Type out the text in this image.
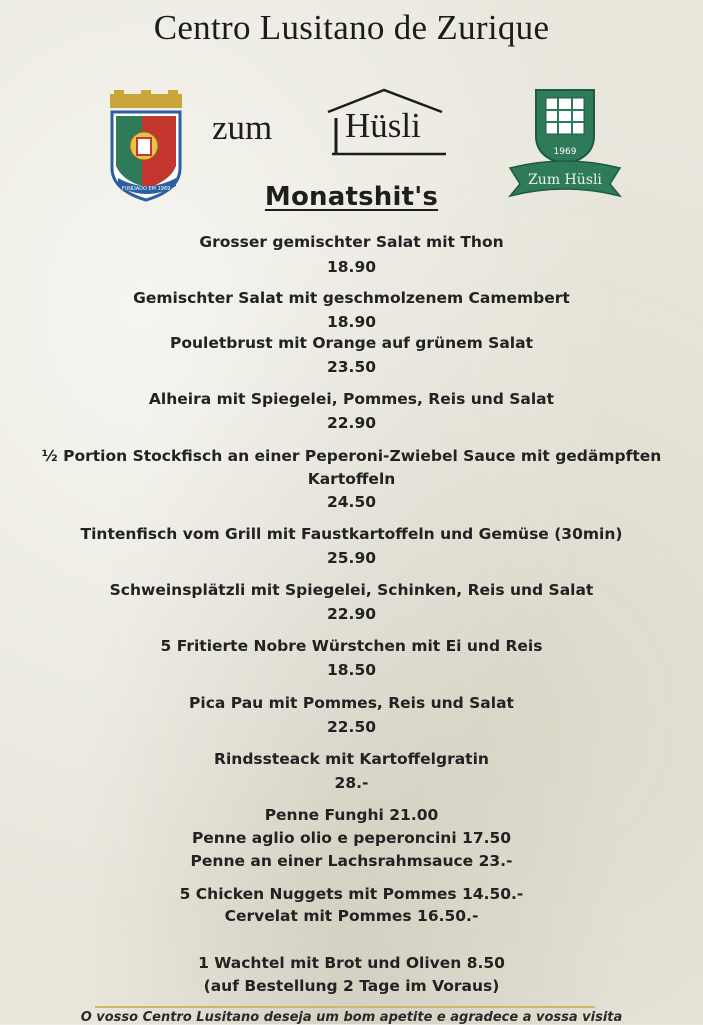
Centro Lusitano de Zurique
FUNDADO EM 1969
zum Hüsli
1969
Zum Hüsli
Monatshit's
Grosser gemischter Salat mit Thon
18.90
Gemischter Salat mit geschmolzenem Camembert
18.90
Pouletbrust mit Orange auf grünem Salat
23.50
Alheira mit Spiegelei, Pommes, Reis und Salat
22.90
½ Portion Stockfisch an einer Peperoni-Zwiebel Sauce mit gedämpften
Kartoffeln
24.50
Tintenfisch vom Grill mit Faustkartoffeln und Gemüse (30min)
25.90
Schweinsplätzli mit Spiegelei, Schinken, Reis und Salat
22.90
5 Fritierte Nobre Würstchen mit Ei und Reis
18.50
Pica Pau mit Pommes, Reis und Salat
22.50
Rindssteack mit Kartoffelgratin
28.-
Penne Funghi 21.00
Penne aglio olio e peperoncini 17.50
Penne an einer Lachsrahmsauce 23.-
5 Chicken Nuggets mit Pommes 14.50.-
Cervelat mit Pommes 16.50.-
1 Wachtel mit Brot und Oliven 8.50
(auf Bestellung 2 Tage im Voraus)
O vosso Centro Lusitano deseja um bom apetite e agradece a vossa visita
